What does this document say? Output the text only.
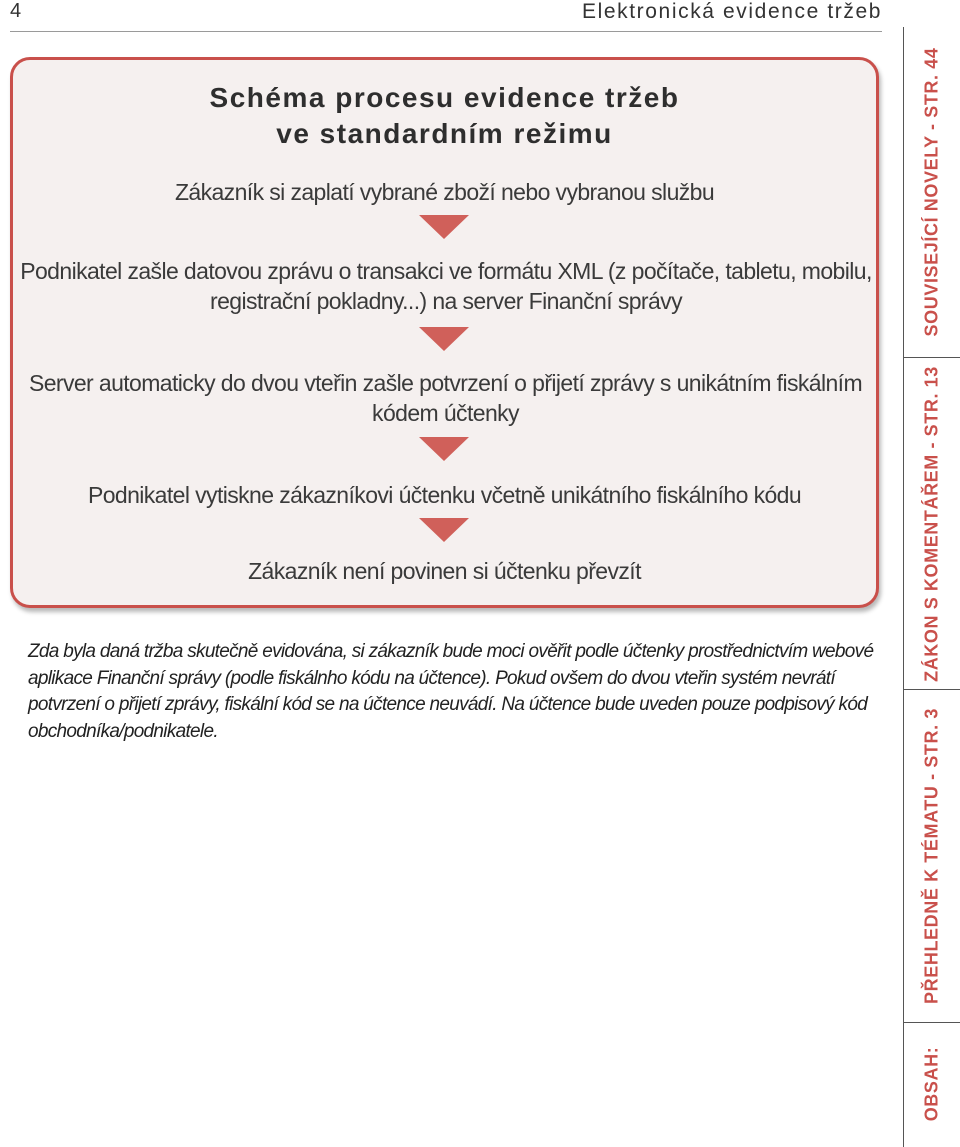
4	Elektronická evidence tržeb
Schéma procesu evidence tržeb
ve standardním režimu
Zákazník si zaplatí vybrané zboží nebo vybranou službu
Podnikatel zašle datovou zprávu o transakci ve formátu XML (z počítače, tabletu, mobilu, registrační pokladny...) na server Finanční správy
Server automaticky do dvou vteřin zašle potvrzení o přijetí zprávy s unikátním fiskálním kódem účtenky
Podnikatel vytiskne zákazníkovi účtenku včetně unikátního fiskálního kódu
Zákazník není povinen si účtenku převzít
Zda byla daná tržba skutečně evidována, si zákazník bude moci ověřit podle účtenky prostřednictvím webové aplikace Finanční správy (podle fiskálnho kódu na účtence). Pokud ovšem do dvou vteřin systém nevrátí potvrzení o přijetí zprávy, fiskální kód se na účtence neuvádí. Na účtence bude uveden pouze podpisový kód obchodníka/podnikatele.
SOUVISEJÍCÍ NOVELY - STR. 44
ZÁKON S KOMENTÁŘEM - STR. 13
PŘEHLEDNĚ K TÉMATU - STR. 3
OBSAH:
